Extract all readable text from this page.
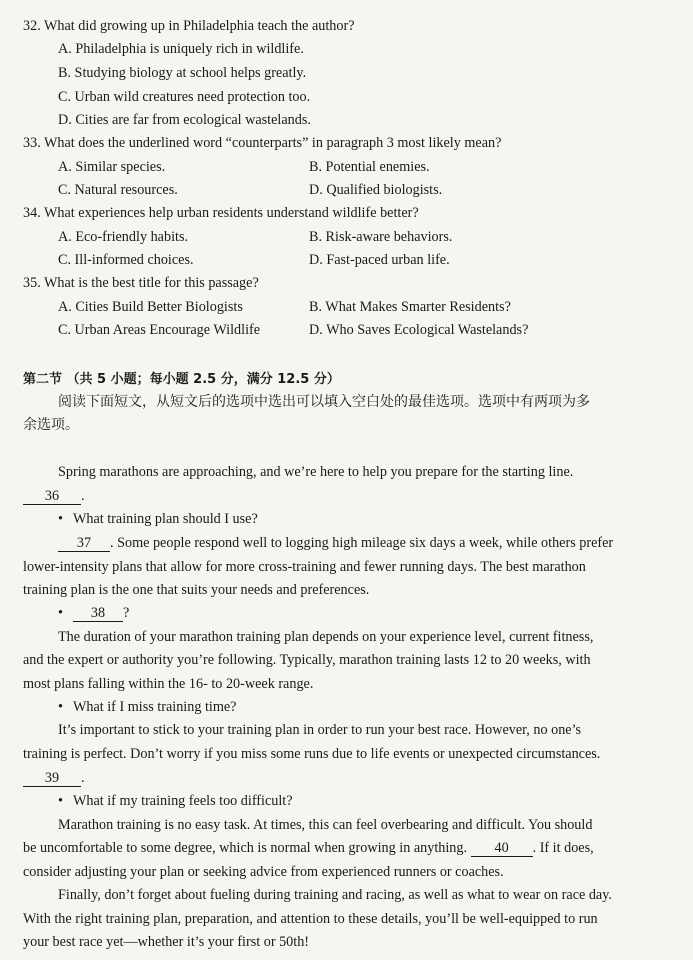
32. What did growing up in Philadelphia teach the author?
A. Philadelphia is uniquely rich in wildlife.
B. Studying biology at school helps greatly.
C. Urban wild creatures need protection too.
D. Cities are far from ecological wastelands.
33. What does the underlined word “counterparts” in paragraph 3 most likely mean?
A. Similar species.	B. Potential enemies.
C. Natural resources.	D. Qualified biologists.
34. What experiences help urban residents understand wildlife better?
A. Eco-friendly habits.	B. Risk-aware behaviors.
C. Ill-informed choices.	D. Fast-paced urban life.
35. What is the best title for this passage?
A. Cities Build Better Biologists	B. What Makes Smarter Residents?
C. Urban Areas Encourage Wildlife	D. Who Saves Ecological Wastelands?
第二节 （共 5 小题；每小题 2.5 分，满分 12.5 分）
阅读下面短文，从短文后的选项中选出可以填入空白处的最佳选项。选项中有两项为多
余选项。
Spring marathons are approaching, and we’re here to help you prepare for the starting line.
36 .
• What training plan should I use?
37 . Some people respond well to logging high mileage six days a week, while others prefer
lower-intensity plans that allow for more cross-training and fewer running days. The best marathon
training plan is the one that suits your needs and preferences.
• 38 ?
The duration of your marathon training plan depends on your experience level, current fitness,
and the expert or authority you’re following. Typically, marathon training lasts 12 to 20 weeks, with
most plans falling within the 16- to 20-week range.
• What if I miss training time?
It’s important to stick to your training plan in order to run your best race. However, no one’s
training is perfect. Don’t worry if you miss some runs due to life events or unexpected circumstances.
39 .
• What if my training feels too difficult?
Marathon training is no easy task. At times, this can feel overbearing and difficult. You should
be uncomfortable to some degree, which is normal when growing in anything. 40 . If it does,
consider adjusting your plan or seeking advice from experienced runners or coaches.
Finally, don’t forget about fueling during training and racing, as well as what to wear on race day.
With the right training plan, preparation, and attention to these details, you’ll be well-equipped to run
your best race yet—whether it’s your first or 50th!
